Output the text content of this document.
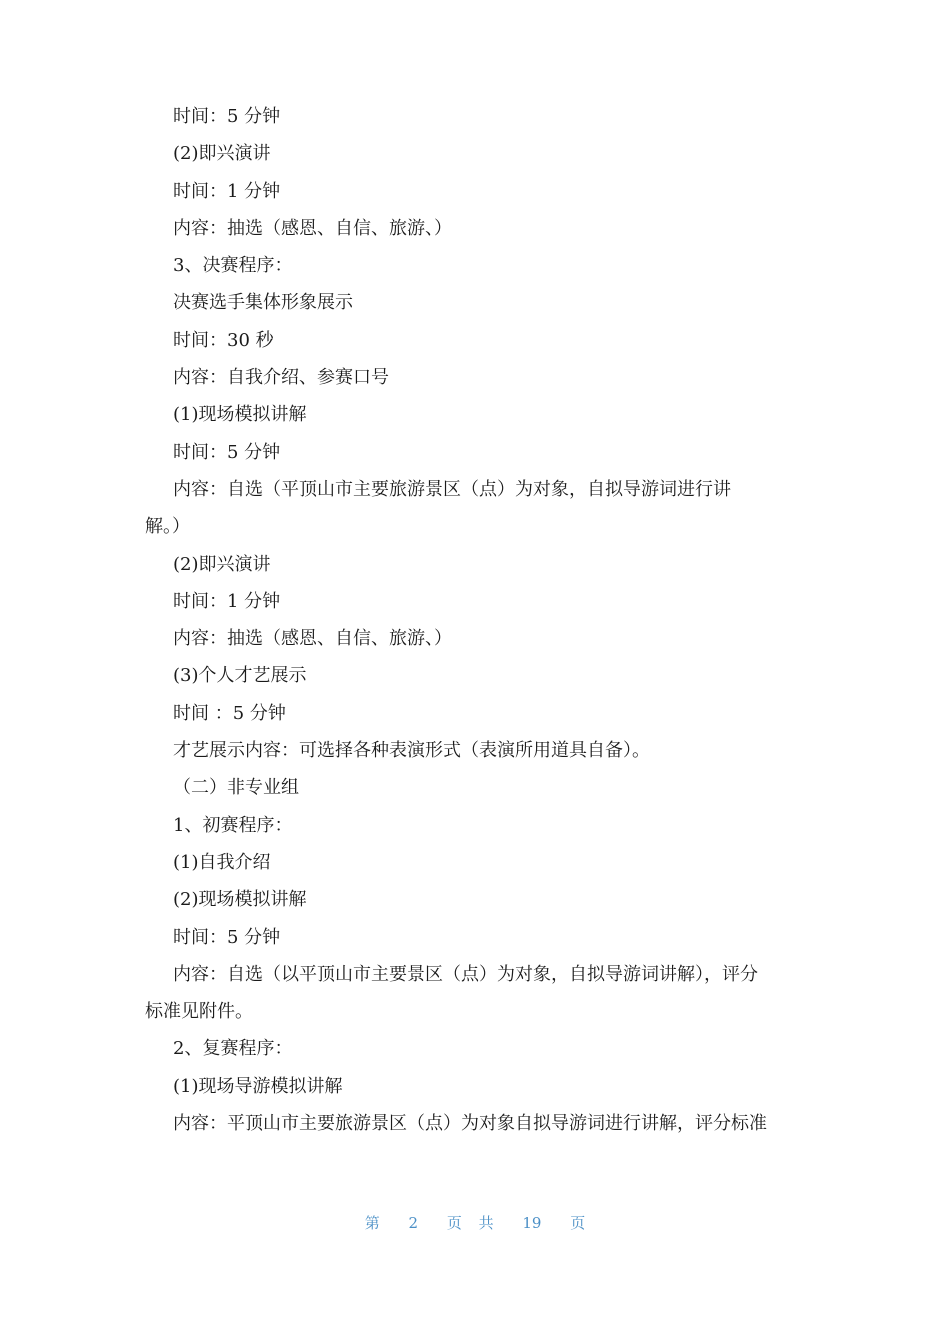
时间：5 分钟
(2)即兴演讲
时间：1 分钟
内容：抽选（感恩、自信、旅游、）
3、决赛程序：
决赛选手集体形象展示
时间：30 秒
内容：自我介绍、参赛口号
(1)现场模拟讲解
时间：5 分钟
内容：自选（平顶山市主要旅游景区（点）为对象，自拟导游词进行讲
解。）
(2)即兴演讲
时间：1 分钟
内容：抽选（感恩、自信、旅游、）
(3)个人才艺展示
时间 ：5 分钟
才艺展示内容：可选择各种表演形式（表演所用道具自备）。
（二）非专业组
1、初赛程序：
(1)自我介绍
(2)现场模拟讲解
时间：5 分钟
内容：自选（以平顶山市主要景区（点）为对象，自拟导游词讲解），评分
标准见附件。
2、复赛程序：
(1)现场导游模拟讲解
内容：平顶山市主要旅游景区（点）为对象自拟导游词进行讲解，评分标准
第 2 页 共 19 页
